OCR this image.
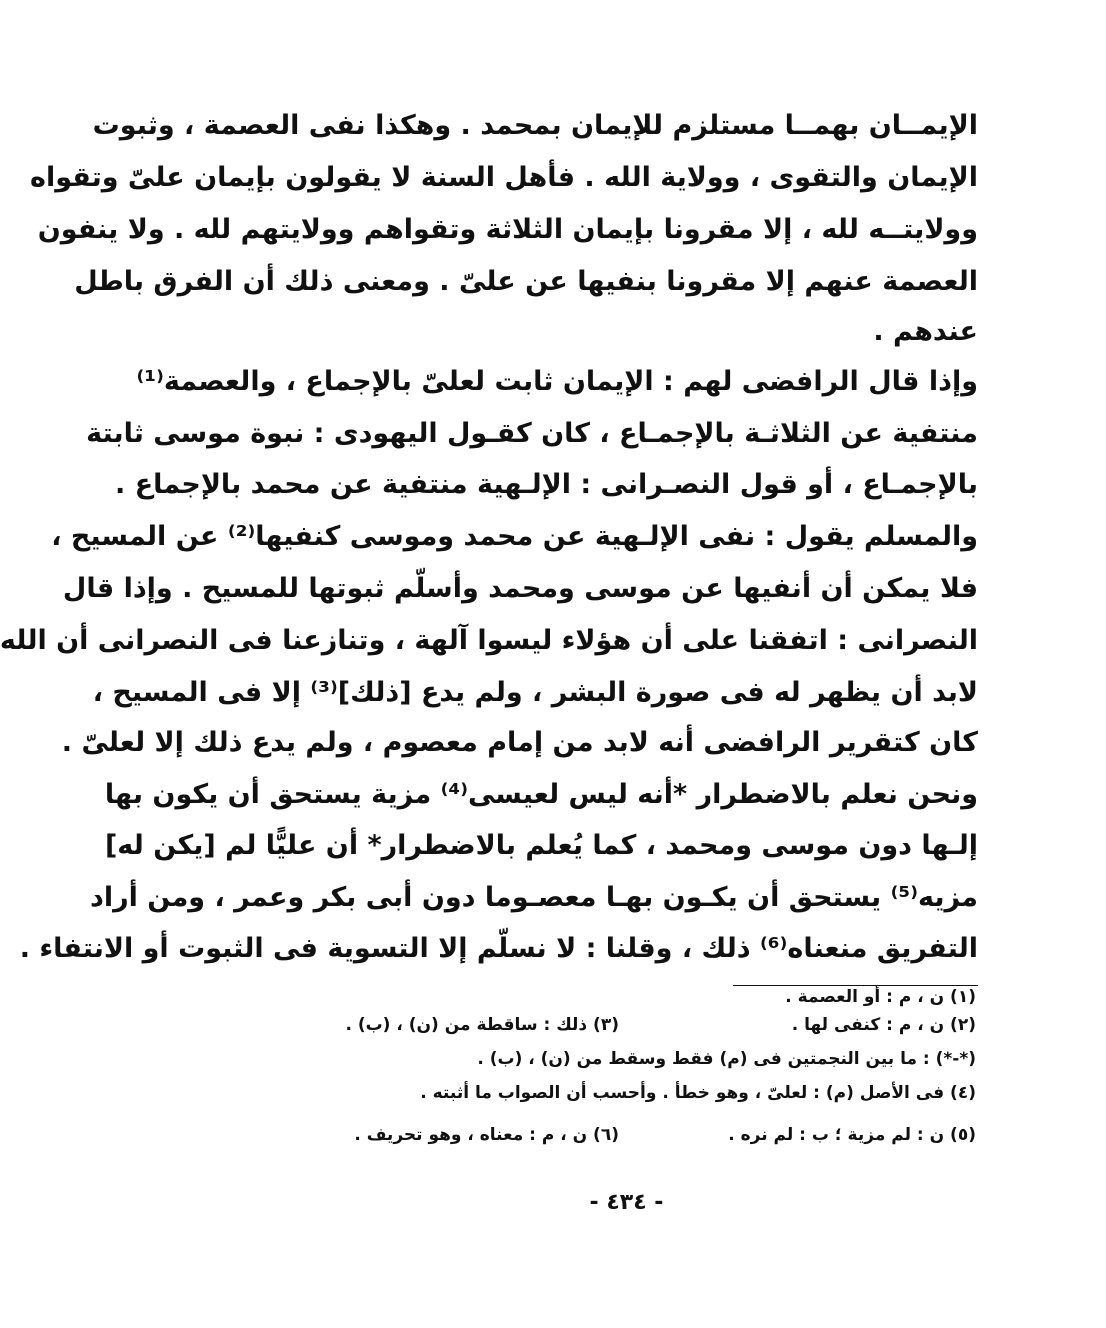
الإيمــان بهمــا مستلزم للإيمان بمحمد . وهكذا نفى العصمة ، وثبوت
الإيمان والتقوى ، وولاية الله . فأهل السنة لا يقولون بإيمان علىّ وتقواه
وولايتــه لله ، إلا مقرونا بإيمان الثلاثة وتقواهم وولايتهم لله . ولا ينفون
العصمة عنهم إلا مقرونا بنفيها عن علىّ . ومعنى ذلك أن الفرق باطل
عندهم .
وإذا قال الرافضى لهم : الإيمان ثابت لعلىّ بالإجماع ، والعصمة⁽¹⁾
منتفية عن الثلاثـة بالإجمـاع ، كان كقـول اليهودى : نبوة موسى ثابتة
بالإجمـاع ، أو قول النصـرانى : الإلـهية منتفية عن محمد بالإجماع .
والمسلم يقول : نفى الإلـهية عن محمد وموسى كنفيها⁽²⁾ عن المسيح ،
فلا يمكن أن أنفيها عن موسى ومحمد وأسلّم ثبوتها للمسيح . وإذا قال
النصرانى : اتفقنا على أن هؤلاء ليسوا آلهة ، وتنازعنا فى النصرانى أن الله
لابد أن يظهر له فى صورة البشر ، ولم يدع [ذلك]⁽³⁾ إلا فى المسيح ،
كان كتقرير الرافضى أنه لابد من إمام معصوم ، ولم يدع ذلك إلا لعلىّ .
ونحن نعلم بالاضطرار *أنه ليس لعيسى⁽⁴⁾ مزية يستحق أن يكون بها
إلـها دون موسى ومحمد ، كما يُعلم بالاضطرار* أن عليًّا لم [يكن له]
مزيه⁽⁵⁾ يستحق أن يكـون بهـا معصـوما دون أبى بكر وعمر ، ومن أراد
التفريق منعناه⁽⁶⁾ ذلك ، وقلنا : لا نسلّم إلا التسوية فى الثبوت أو الانتفاء .
(١) ن ، م : أو العصمة .
(٢) ن ، م : كنفى لها .
(٣) ذلك : ساقطة من (ن) ، (ب) .
(*-*) : ما بين النجمتين فى (م) فقط وسقط من (ن) ، (ب) .
(٤) فى الأصل (م) : لعلىّ ، وهو خطأ . وأحسب أن الصواب ما أثبته .
(٥) ن : لم مزية ؛ ب : لم نره .
(٦) ن ، م : معناه ، وهو تحريف .
- ٤٣٤ -
